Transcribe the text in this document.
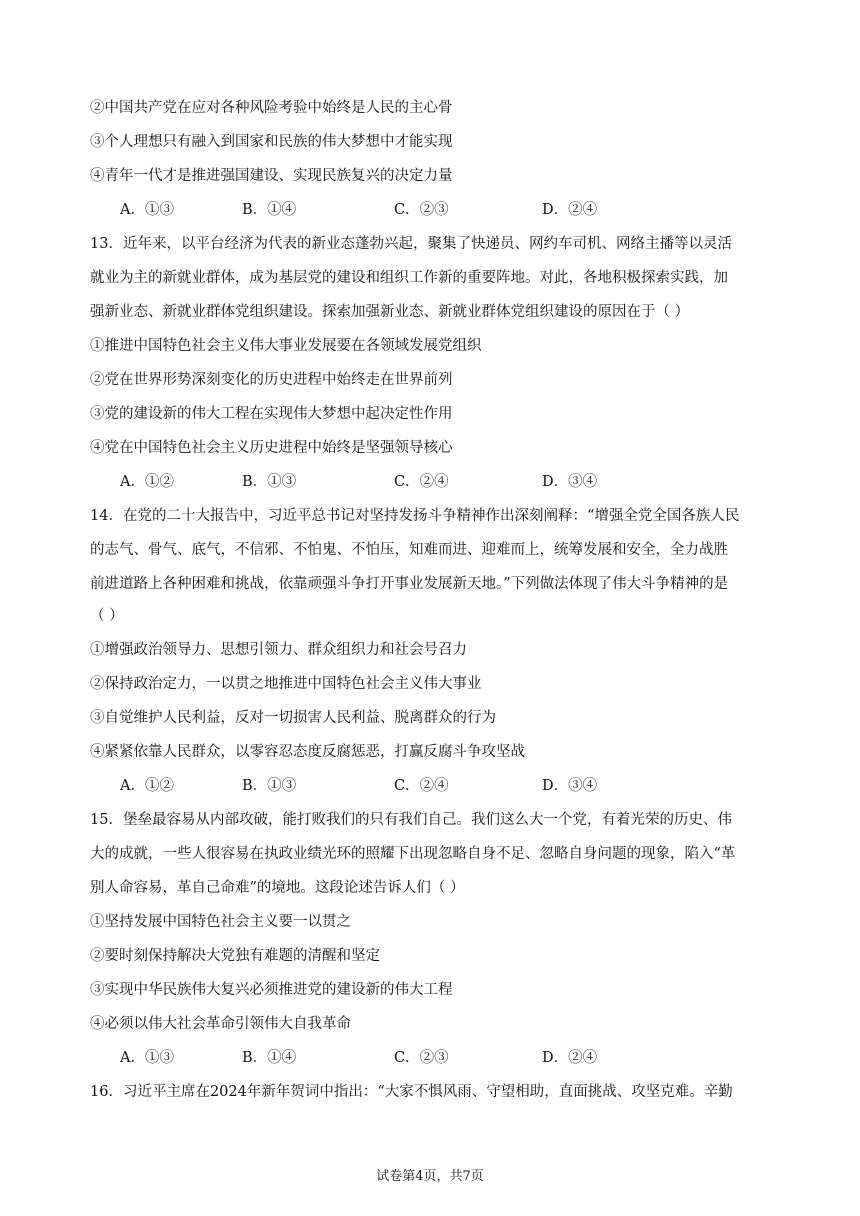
②中国共产党在应对各种风险考验中始终是人民的主心骨
③个人理想只有融入到国家和民族的伟大梦想中才能实现
④青年一代才是推进强国建设、实现民族复兴的决定力量
A．①③	B．①④	C．②③	D．②④
13．近年来，以平台经济为代表的新业态蓬勃兴起，聚集了快递员、网约车司机、网络主播等以灵活
就业为主的新就业群体，成为基层党的建设和组织工作新的重要阵地。对此，各地积极探索实践，加
强新业态、新就业群体党组织建设。探索加强新业态、新就业群体党组织建设的原因在于（ ）
①推进中国特色社会主义伟大事业发展要在各领域发展党组织
②党在世界形势深刻变化的历史进程中始终走在世界前列
③党的建设新的伟大工程在实现伟大梦想中起决定性作用
④党在中国特色社会主义历史进程中始终是坚强领导核心
A．①②	B．①③	C．②④	D．③④
14．在党的二十大报告中，习近平总书记对坚持发扬斗争精神作出深刻阐释：“增强全党全国各族人民
的志气、骨气、底气，不信邪、不怕鬼、不怕压，知难而进、迎难而上，统筹发展和安全，全力战胜
前进道路上各种困难和挑战，依靠顽强斗争打开事业发展新天地。”下列做法体现了伟大斗争精神的是
（ ）
①增强政治领导力、思想引领力、群众组织力和社会号召力
②保持政治定力，一以贯之地推进中国特色社会主义伟大事业
③自觉维护人民利益，反对一切损害人民利益、脱离群众的行为
④紧紧依靠人民群众，以零容忍态度反腐惩恶，打赢反腐斗争攻坚战
A．①②	B．①③	C．②④	D．③④
15．堡垒最容易从内部攻破，能打败我们的只有我们自己。我们这么大一个党，有着光荣的历史、伟
大的成就，一些人很容易在执政业绩光环的照耀下出现忽略自身不足、忽略自身问题的现象，陷入“革
别人命容易，革自己命难”的境地。这段论述告诉人们（ ）
①坚持发展中国特色社会主义要一以贯之
②要时刻保持解决大党独有难题的清醒和坚定
③实现中华民族伟大复兴必须推进党的建设新的伟大工程
④必须以伟大社会革命引领伟大自我革命
A．①③	B．①④	C．②③	D．②④
16．习近平主席在2024年新年贺词中指出：“大家不惧风雨、守望相助，直面挑战、攻坚克难。辛勤
试卷第4页，共7页
